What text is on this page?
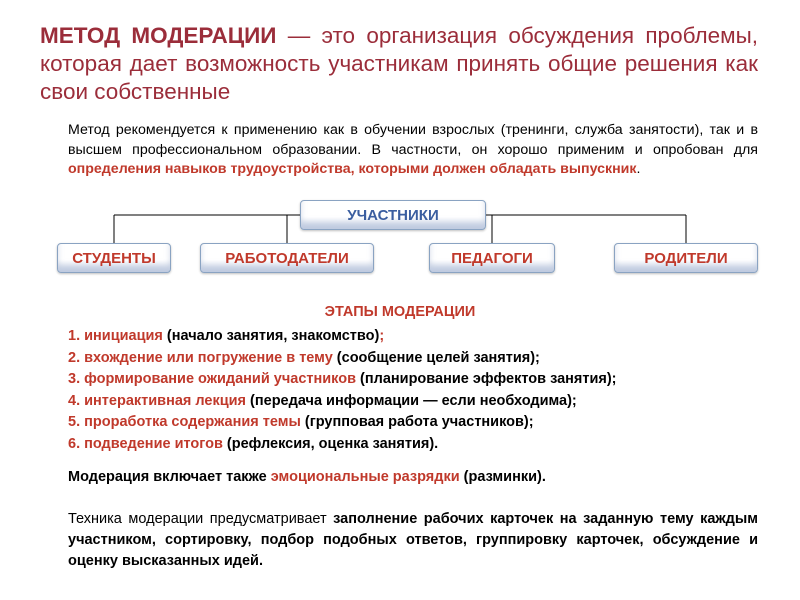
МЕТОД МОДЕРАЦИИ — это организация обсуждения проблемы, которая дает возможность участникам принять общие решения как свои собственные
Метод рекомендуется к применению как в обучении взрослых (тренинги, служба занятости), так и в высшем профессиональном образовании. В частности, он хорошо применим и опробован для определения навыков трудоустройства, которыми должен обладать выпускник.
УЧАСТНИКИ
СТУДЕНТЫ	РАБОТОДАТЕЛИ	ПЕДАГОГИ	РОДИТЕЛИ
ЭТАПЫ МОДЕРАЦИИ
1. инициация (начало занятия, знакомство);
2. вхождение или погружение в тему (сообщение целей занятия);
3. формирование ожиданий участников (планирование эффектов занятия);
4. интерактивная лекция (передача информации — если необходима);
5. проработка содержания темы (групповая работа участников);
6. подведение итогов (рефлексия, оценка занятия).
Модерация включает также эмоциональные разрядки (разминки).
Техника модерации предусматривает заполнение рабочих карточек на заданную тему каждым участником, сортировку, подбор подобных ответов, группировку карточек, обсуждение и оценку высказанных идей.
